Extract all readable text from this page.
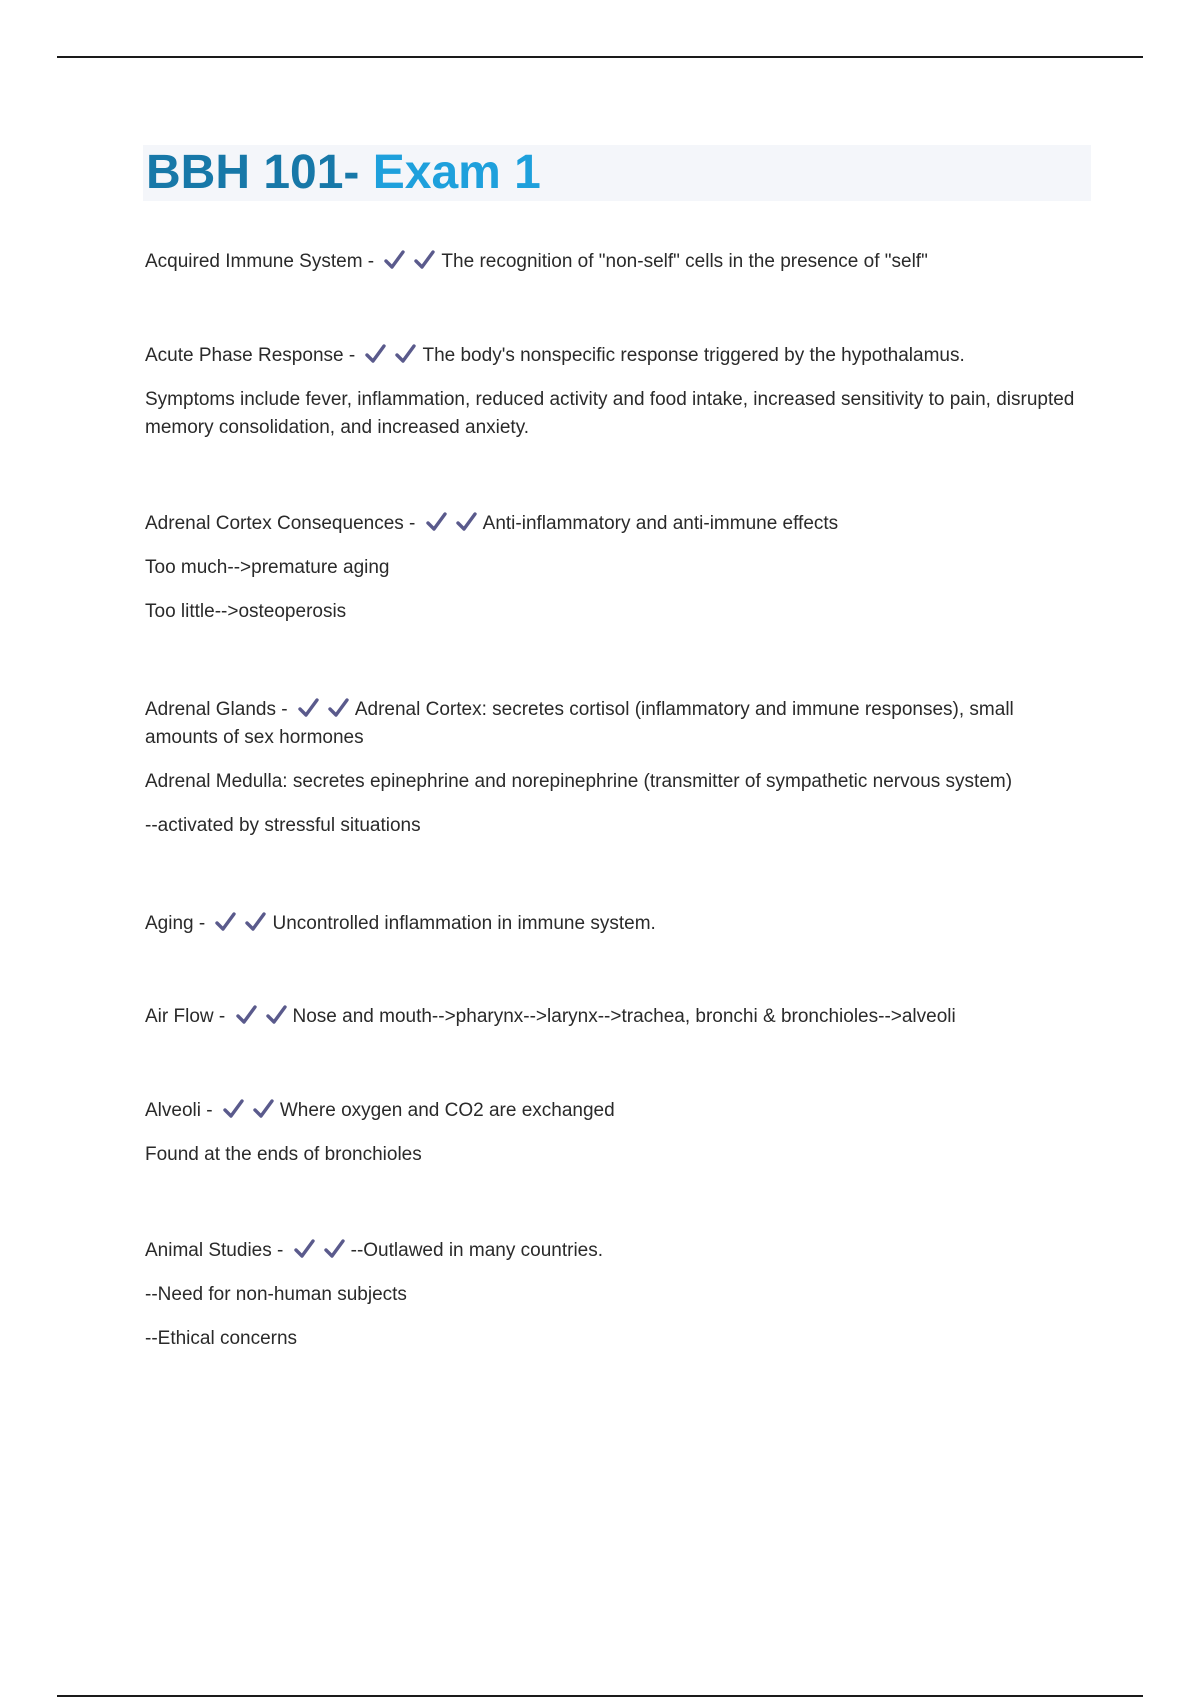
BBH 101- Exam 1

Acquired Immune System -	The recognition of "non-self" cells in the presence of "self"

Acute Phase Response -	The body's nonspecific response triggered by the hypothalamus.

Symptoms include fever, inflammation, reduced activity and food intake, increased sensitivity to pain, disrupted memory consolidation, and increased anxiety.

Adrenal Cortex Consequences -	Anti-inflammatory and anti-immune effects

Too much-->premature aging

Too little-->osteoperosis

Adrenal Glands -	Adrenal Cortex: secretes cortisol (inflammatory and immune responses), small amounts of sex hormones

Adrenal Medulla: secretes epinephrine and norepinephrine (transmitter of sympathetic nervous system)

--activated by stressful situations

Aging -	Uncontrolled inflammation in immune system.

Air Flow -	Nose and mouth-->pharynx-->larynx-->trachea, bronchi & bronchioles-->alveoli

Alveoli -	Where oxygen and CO2 are exchanged

Found at the ends of bronchioles

Animal Studies -	--Outlawed in many countries.

--Need for non-human subjects

--Ethical concerns
